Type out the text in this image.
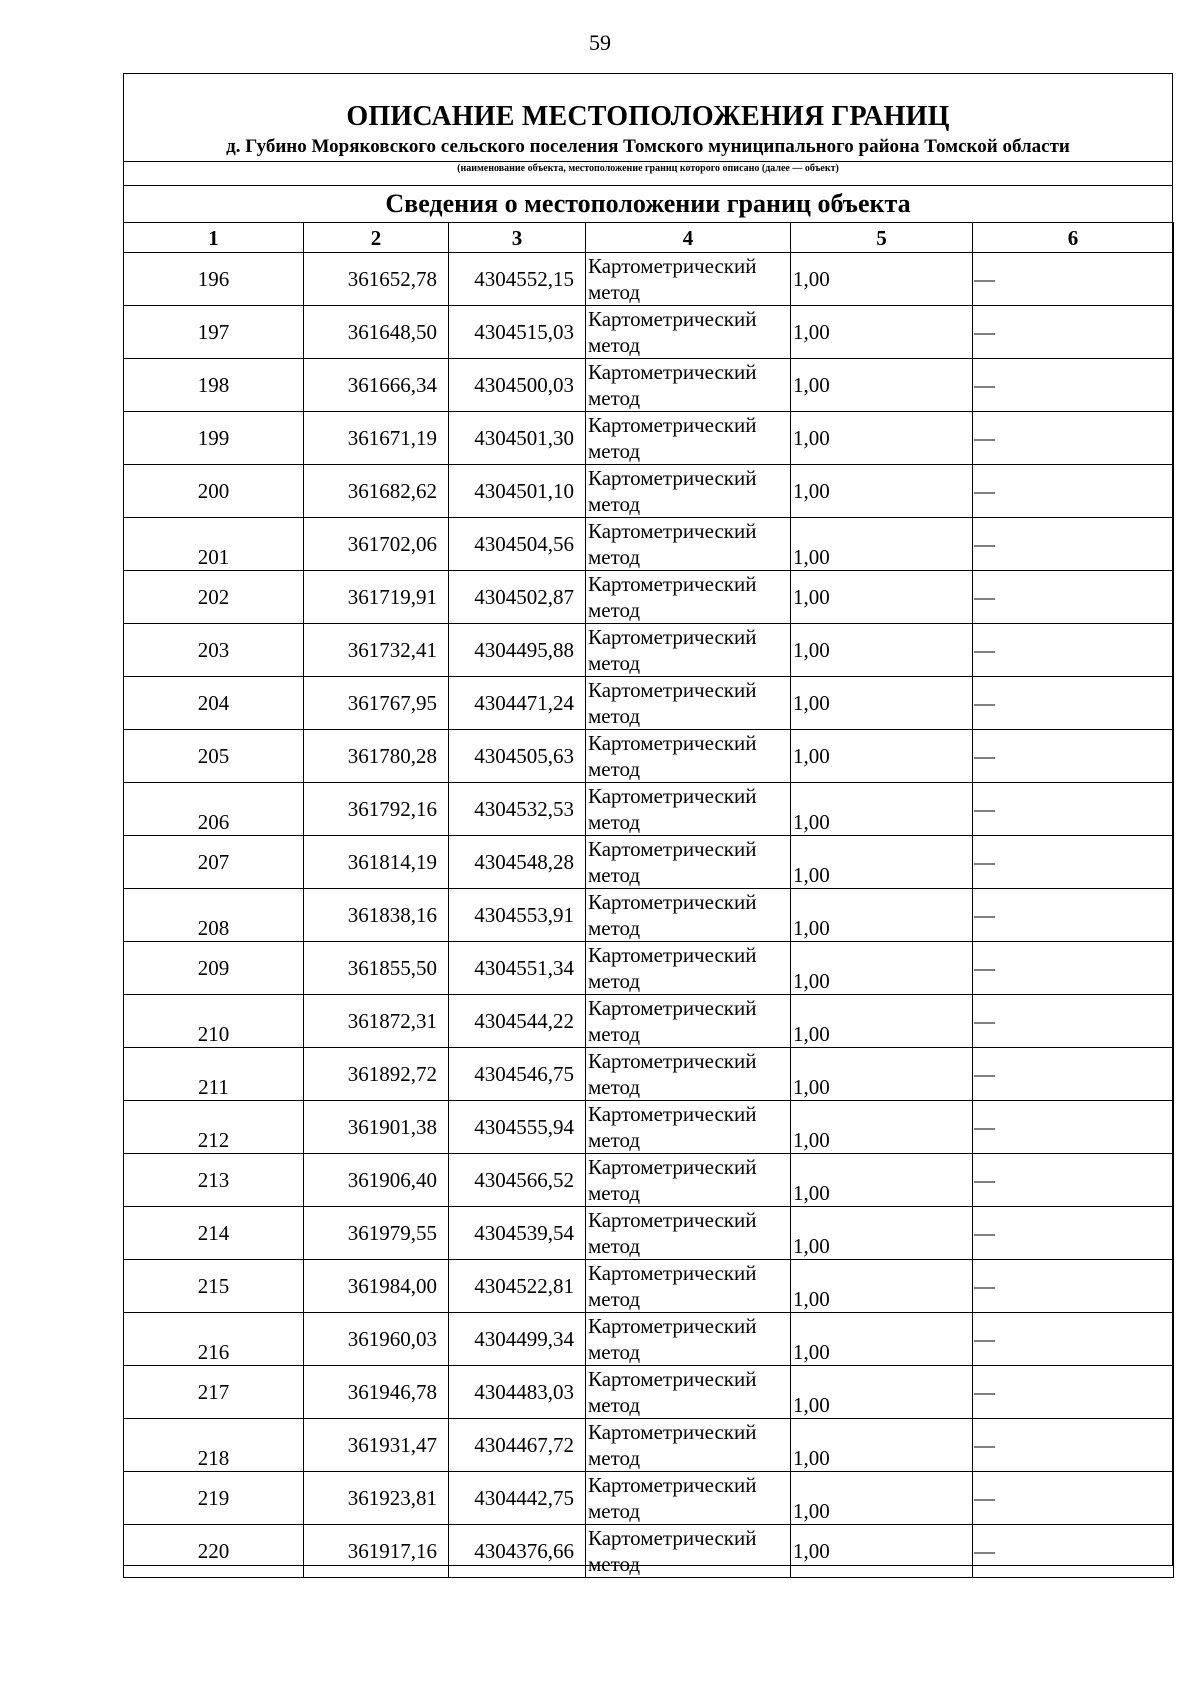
59
ОПИСАНИЕ МЕСТОПОЛОЖЕНИЯ ГРАНИЦ
д. Губино Моряковского сельского поселения Томского муниципального района Томской области
(наименование объекта, местоположение границ которого описано (далее — объект)
Сведения о местоположении границ объекта
1	2	3	4	5	6
196	361652,78	4304552,15	Картометрический метод	1,00	—
197	361648,50	4304515,03	Картометрический метод	1,00	—
198	361666,34	4304500,03	Картометрический метод	1,00	—
199	361671,19	4304501,30	Картометрический метод	1,00	—
200	361682,62	4304501,10	Картометрический метод	1,00	—
201	361702,06	4304504,56	Картометрический метод	1,00	—
202	361719,91	4304502,87	Картометрический метод	1,00	—
203	361732,41	4304495,88	Картометрический метод	1,00	—
204	361767,95	4304471,24	Картометрический метод	1,00	—
205	361780,28	4304505,63	Картометрический метод	1,00	—
206	361792,16	4304532,53	Картометрический метод	1,00	—
207	361814,19	4304548,28	Картометрический метод	1,00	—
208	361838,16	4304553,91	Картометрический метод	1,00	—
209	361855,50	4304551,34	Картометрический метод	1,00	—
210	361872,31	4304544,22	Картометрический метод	1,00	—
211	361892,72	4304546,75	Картометрический метод	1,00	—
212	361901,38	4304555,94	Картометрический метод	1,00	—
213	361906,40	4304566,52	Картометрический метод	1,00	—
214	361979,55	4304539,54	Картометрический метод	1,00	—
215	361984,00	4304522,81	Картометрический метод	1,00	—
216	361960,03	4304499,34	Картометрический метод	1,00	—
217	361946,78	4304483,03	Картометрический метод	1,00	—
218	361931,47	4304467,72	Картометрический метод	1,00	—
219	361923,81	4304442,75	Картометрический метод	1,00	—
220	361917,16	4304376,66	Картометрический метод	1,00	—
